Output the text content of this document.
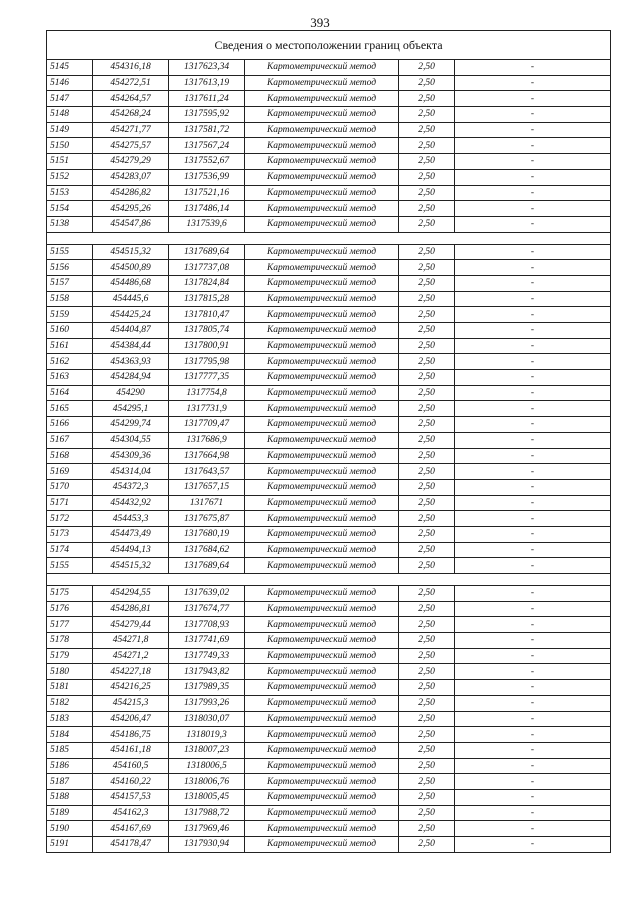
393
Сведения о местоположении границ объекта					
5145	454316,18	1317623,34	Картометрический метод	2,50	-
5146	454272,51	1317613,19	Картометрический метод	2,50	-
5147	454264,57	1317611,24	Картометрический метод	2,50	-
5148	454268,24	1317595,92	Картометрический метод	2,50	-
5149	454271,77	1317581,72	Картометрический метод	2,50	-
5150	454275,57	1317567,24	Картометрический метод	2,50	-
5151	454279,29	1317552,67	Картометрический метод	2,50	-
5152	454283,07	1317536,99	Картометрический метод	2,50	-
5153	454286,82	1317521,16	Картометрический метод	2,50	-
5154	454295,26	1317486,14	Картометрический метод	2,50	-
5138	454547,86	1317539,6	Картометрический метод	2,50	-

5155	454515,32	1317689,64	Картометрический метод	2,50	-
5156	454500,89	1317737,08	Картометрический метод	2,50	-
5157	454486,68	1317824,84	Картометрический метод	2,50	-
5158	454445,6	1317815,28	Картометрический метод	2,50	-
5159	454425,24	1317810,47	Картометрический метод	2,50	-
5160	454404,87	1317805,74	Картометрический метод	2,50	-
5161	454384,44	1317800,91	Картометрический метод	2,50	-
5162	454363,93	1317795,98	Картометрический метод	2,50	-
5163	454284,94	1317777,35	Картометрический метод	2,50	-
5164	454290	1317754,8	Картометрический метод	2,50	-
5165	454295,1	1317731,9	Картометрический метод	2,50	-
5166	454299,74	1317709,47	Картометрический метод	2,50	-
5167	454304,55	1317686,9	Картометрический метод	2,50	-
5168	454309,36	1317664,98	Картометрический метод	2,50	-
5169	454314,04	1317643,57	Картометрический метод	2,50	-
5170	454372,3	1317657,15	Картометрический метод	2,50	-
5171	454432,92	1317671	Картометрический метод	2,50	-
5172	454453,3	1317675,87	Картометрический метод	2,50	-
5173	454473,49	1317680,19	Картометрический метод	2,50	-
5174	454494,13	1317684,62	Картометрический метод	2,50	-
5155	454515,32	1317689,64	Картометрический метод	2,50	-

5175	454294,55	1317639,02	Картометрический метод	2,50	-
5176	454286,81	1317674,77	Картометрический метод	2,50	-
5177	454279,44	1317708,93	Картометрический метод	2,50	-
5178	454271,8	1317741,69	Картометрический метод	2,50	-
5179	454271,2	1317749,33	Картометрический метод	2,50	-
5180	454227,18	1317943,82	Картометрический метод	2,50	-
5181	454216,25	1317989,35	Картометрический метод	2,50	-
5182	454215,3	1317993,26	Картометрический метод	2,50	-
5183	454206,47	1318030,07	Картометрический метод	2,50	-
5184	454186,75	1318019,3	Картометрический метод	2,50	-
5185	454161,18	1318007,23	Картометрический метод	2,50	-
5186	454160,5	1318006,5	Картометрический метод	2,50	-
5187	454160,22	1318006,76	Картометрический метод	2,50	-
5188	454157,53	1318005,45	Картометрический метод	2,50	-
5189	454162,3	1317988,72	Картометрический метод	2,50	-
5190	454167,69	1317969,46	Картометрический метод	2,50	-
5191	454178,47	1317930,94	Картометрический метод	2,50	-
